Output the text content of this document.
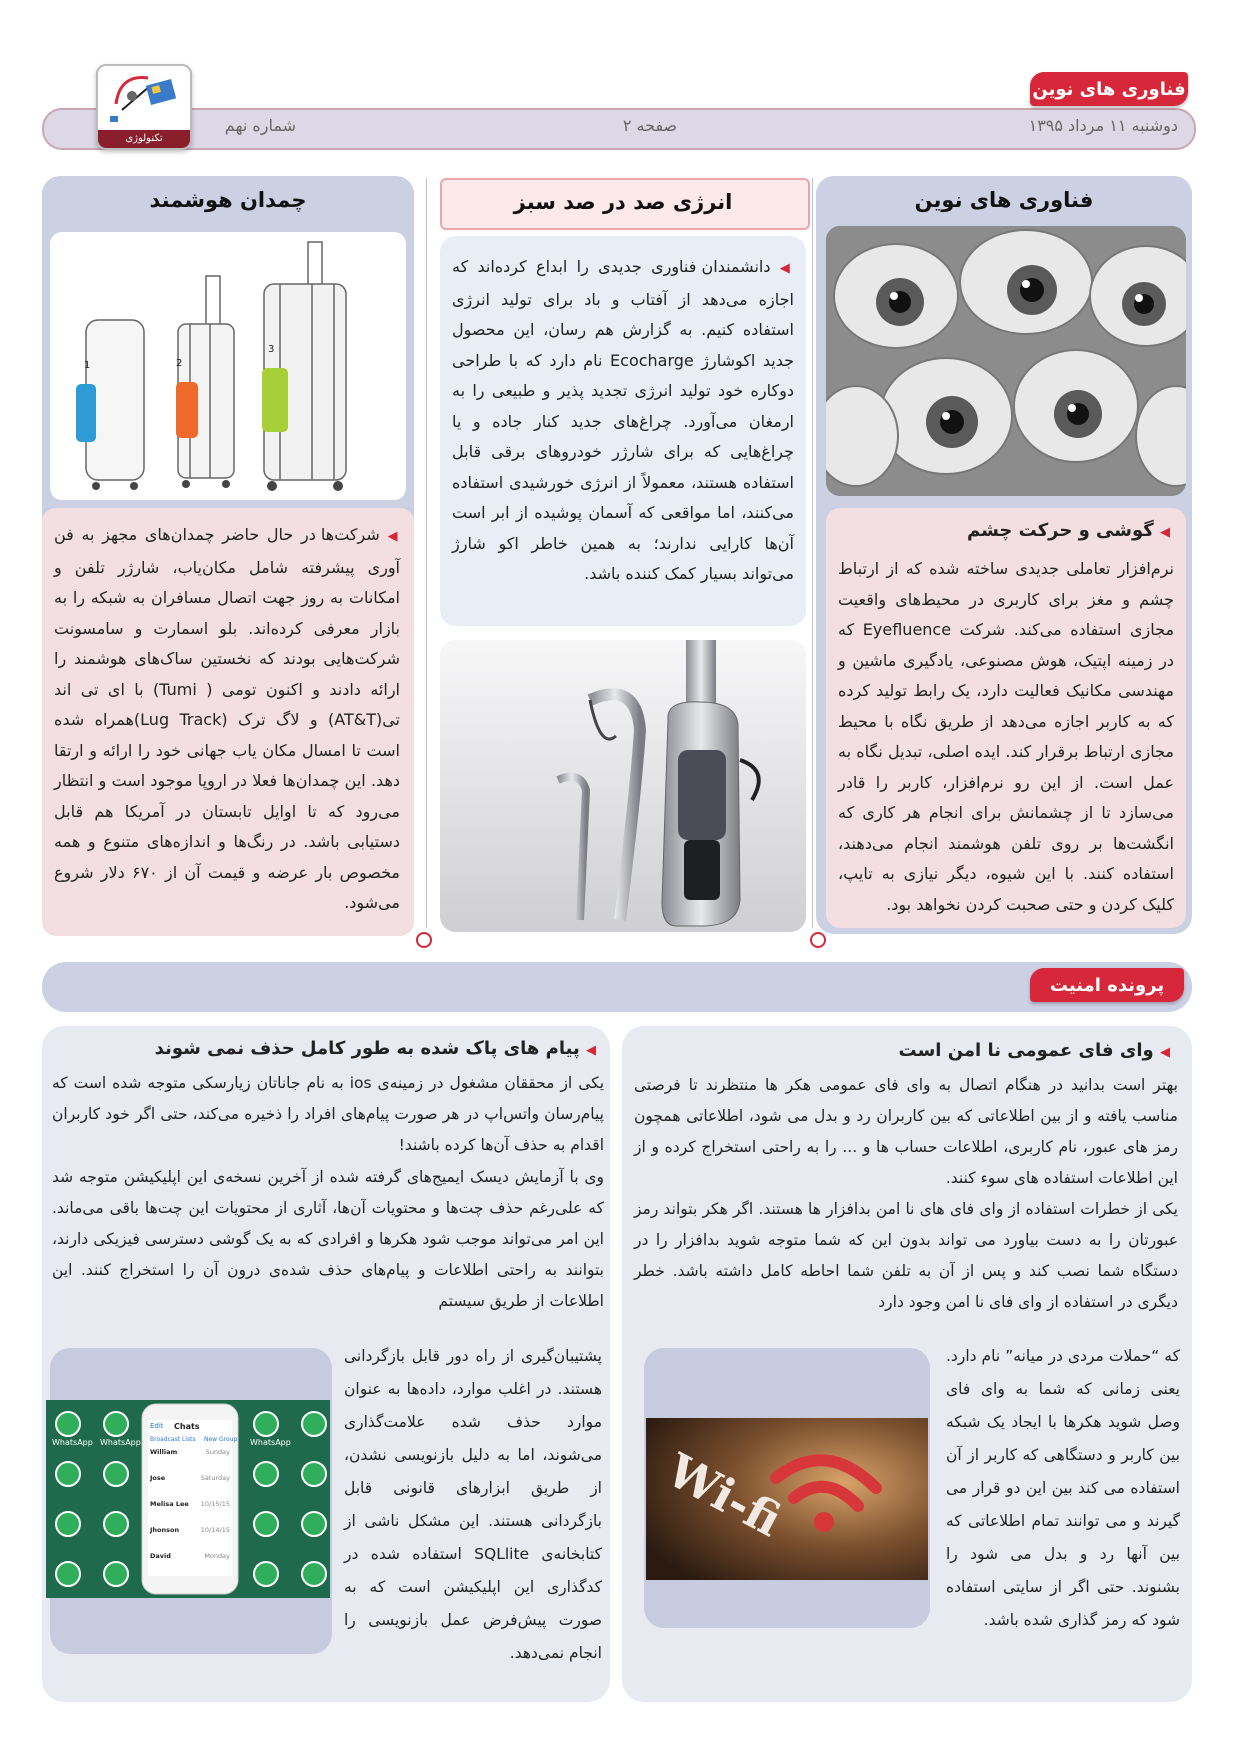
فناوری های نوین
دوشنبه ۱۱ مرداد ۱۳۹۵
صفحه ۲
شماره نهم
تکنولوژی
فناوری های نوین
◀ گوشی و حرکت چشم
نرم‌افزار تعاملی جدیدی ساخته شده که از ارتباط چشم و مغز برای کاربری در محیط‌های واقعیت مجازی استفاده می‌کند. شرکت Eyefluence که در زمینه اپتیک، هوش مصنوعی، یادگیری ماشین و مهندسی مکانیک فعالیت دارد، یک رابط تولید کرده که به کاربر اجازه می‌دهد از طریق نگاه با محیط مجازی ارتباط برقرار کند. ایده اصلی، تبدیل نگاه به عمل است. از این رو نرم‌افزار، کاربر را قادر می‌سازد تا از چشمانش برای انجام هر کاری که انگشت‌ها بر روی تلفن هوشمند انجام می‌دهند، استفاده کنند. با این شیوه، دیگر نیازی به تایپ، کلیک کردن و حتی صحبت کردن نخواهد بود.
انرژی صد در صد سبز
◀ دانشمندان فناوری جدیدی را ابداع کرده‌اند که اجازه می‌دهد از آفتاب و باد برای تولید انرژی استفاده کنیم. به گزارش هم رسان، این محصول جدید اکوشارژ Ecocharge نام دارد که با طراحی دوکاره خود تولید انرژی تجدید پذیر و طبیعی را به ارمغان می‌آورد. چراغ‌های جدید کنار جاده و یا چراغ‌هایی که برای شارژر خودروهای برقی قابل استفاده هستند، معمولاً از انرژی خورشیدی استفاده می‌کنند، اما مواقعی که آسمان پوشیده از ابر است آن‌ها کارایی ندارند؛ به همین خاطر اکو شارژ می‌تواند بسیار کمک کننده باشد.
چمدان هوشمند
1	2
3
◀ شرکت‌ها در حال حاضر چمدان‌های مجهز به فن آوری پیشرفته شامل مکان‌یاب، شارژر تلفن و امکانات به روز جهت اتصال مسافران به شبکه را به بازار معرفی کرده‌اند. بلو اسمارت و سامسونت شرکت‌هایی بودند که نخستین ساک‌های هوشمند را ارائه دادند و اکنون تومی ( Tumi) با ای تی اند تی(AT&T) و لاگ ترک (Lug Track)همراه شده است تا امسال مکان یاب جهانی خود را ارائه و ارتقا دهد. این چمدان‌ها فعلا در اروپا موجود است و انتظار می‌رود که تا اوایل تابستان در آمریکا هم قابل دستیابی باشد. در رنگ‌ها و اندازه‌های متنوع و همه مخصوص بار عرضه و قیمت آن از ۶۷۰ دلار شروع می‌شود.
پرونده امنیت
◀ وای فای عمومی نا امن است
بهتر است بدانید در هنگام اتصال به وای فای عمومی هکر ها منتظرند تا فرصتی مناسب یافته و از بین اطلاعاتی که بین کاربران رد و بدل می شود، اطلاعاتی همچون رمز های عبور، نام کاربری، اطلاعات حساب ها و ... را به راحتی استخراج کرده و از این اطلاعات استفاده های سوء کنند.
یکی از خطرات استفاده از وای فای های نا امن بدافزار ها هستند. اگر هکر بتواند رمز عبورتان را به دست بیاورد می تواند بدون این که شما متوجه شوید بدافزار را در دستگاه شما نصب کند و پس از آن به تلفن شما احاطه کامل داشته باشد. خطر دیگری در استفاده از وای فای نا امن وجود دارد
Wi-fi
که “حملات مردی در میانه” نام دارد. یعنی زمانی که شما به وای فای وصل شوید هکرها با ایجاد یک شبکه بین کاربر و دستگاهی که کاربر از آن استفاده می کند بین این دو قرار می گیرند و می توانند تمام اطلاعاتی که بین آنها رد و بدل می شود را بشنوند. حتی اگر از سایتی استفاده شود که رمز گذاری شده باشد.
◀ پیام های پاک شده به طور کامل حذف نمی شوند
یکی از محققان مشغول در زمینه‌ی ios به نام جاناتان زیارسکی متوجه شده است که پیام‌رسان واتس‌اپ در هر صورت پیام‌های افراد را ذخیره می‌کند، حتی اگر خود کاربران اقدام به حذف آن‌ها کرده باشند!
وی با آزمایش دیسک ایمیج‌های گرفته شده از آخرین نسخه‌ی این اپلیکیشن متوجه شد که علی‌رغم حذف چت‌ها و محتویات آن‌ها، آثاری از محتویات این چت‌ها باقی می‌ماند. این امر می‌تواند موجب شود هکرها و افرادی که به یک گوشی دسترسی فیزیکی دارند، بتوانند به راحتی اطلاعات و پیام‌های حذف شده‌ی درون آن را استخراج کنند. این اطلاعات از طریق سیستم
WhatsApp WhatsApp	WhatsApp
Chats
Edit
Broadcast Lists New Group
William	Sunday
Jose	Saturday
Melisa Lee 10/15/15
Jhonson	10/14/15
David	Monday
پشتیبان‌گیری از راه دور قابل بازگردانی هستند. در اغلب موارد، داده‌ها به عنوان موارد حذف شده علامت‌گذاری می‌شوند، اما به دلیل بازنویسی نشدن، از طریق ابزارهای قانونی قابل بازگردانی هستند. این مشکل ناشی از کتابخانه‌ی SQLlite استفاده شده در کدگذاری این اپلیکیشن است که به صورت پیش‌فرض عمل بازنویسی را انجام نمی‌دهد.
